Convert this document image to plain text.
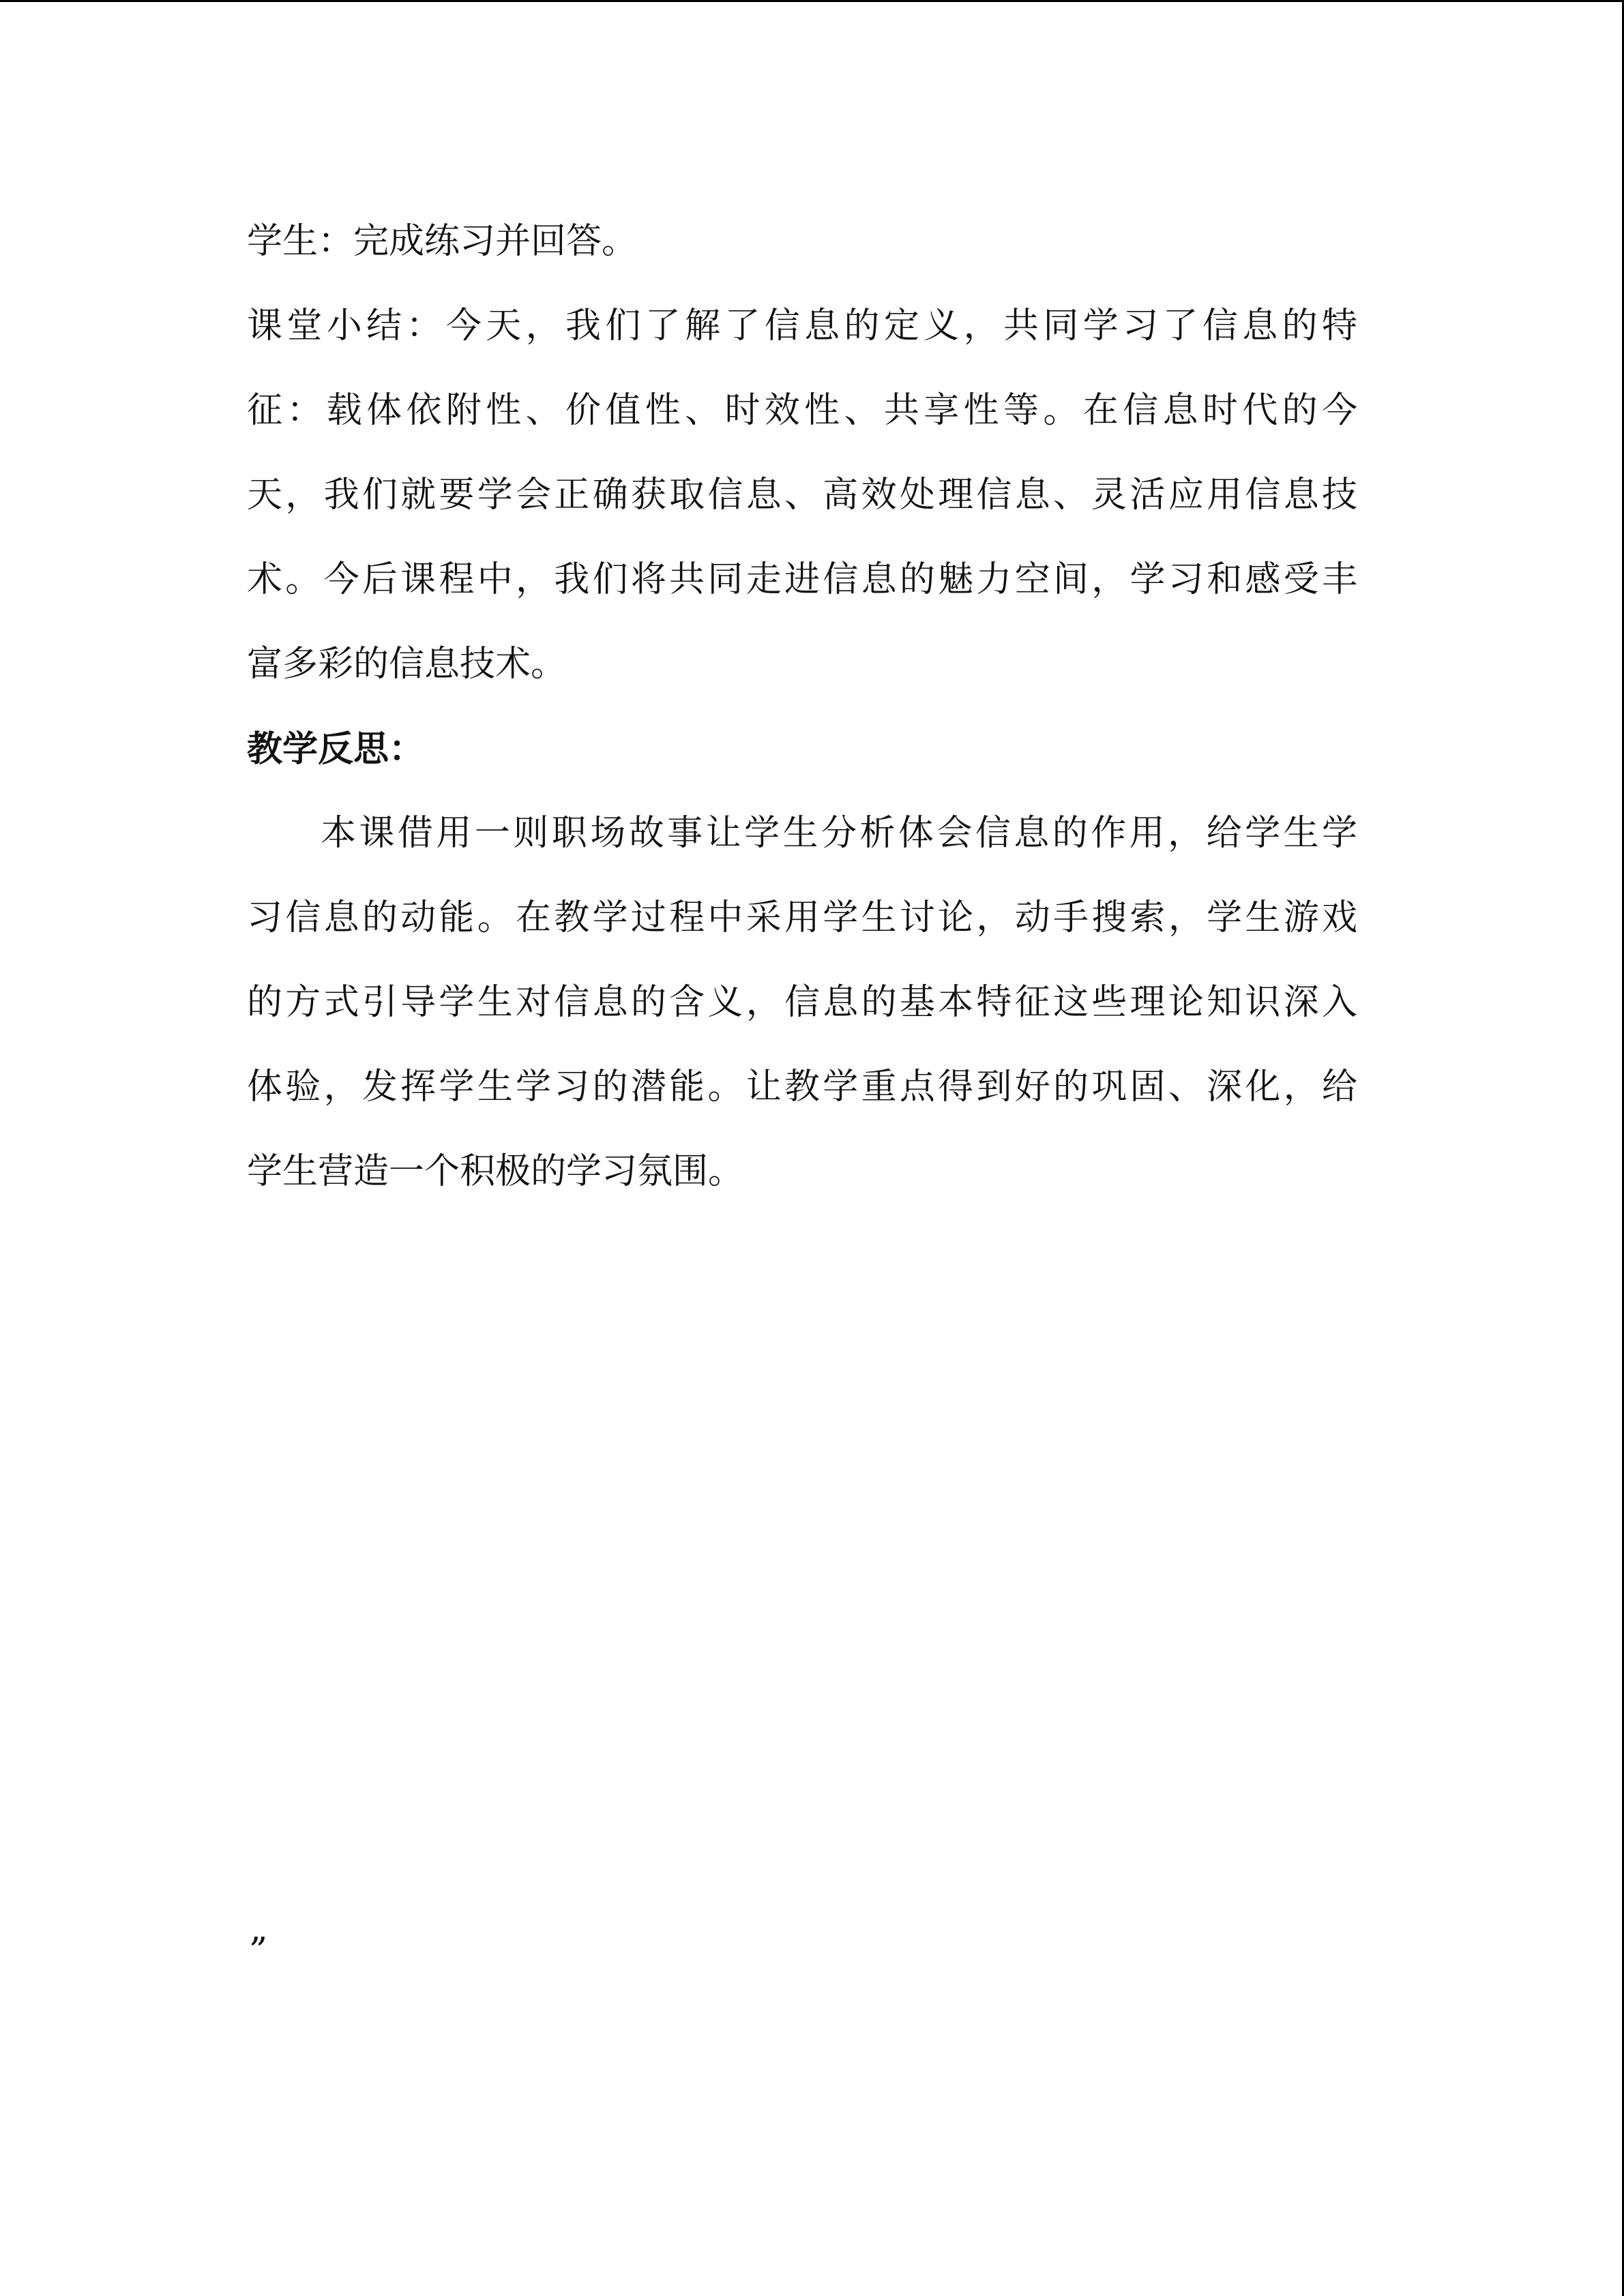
学生：完成练习并回答。
课堂小结：今天，我们了解了信息的定义，共同学习了信息的特
征：载体依附性、价值性、时效性、共享性等。在信息时代的今
天，我们就要学会正确获取信息、高效处理信息、灵活应用信息技
术。今后课程中，我们将共同走进信息的魅力空间，学习和感受丰
富多彩的信息技术。
教学反思：
本课借用一则职场故事让学生分析体会信息的作用，给学生学
习信息的动能。在教学过程中采用学生讨论，动手搜索，学生游戏
的方式引导学生对信息的含义，信息的基本特征这些理论知识深入
体验，发挥学生学习的潜能。让教学重点得到好的巩固、深化，给
学生营造一个积极的学习氛围。
„
